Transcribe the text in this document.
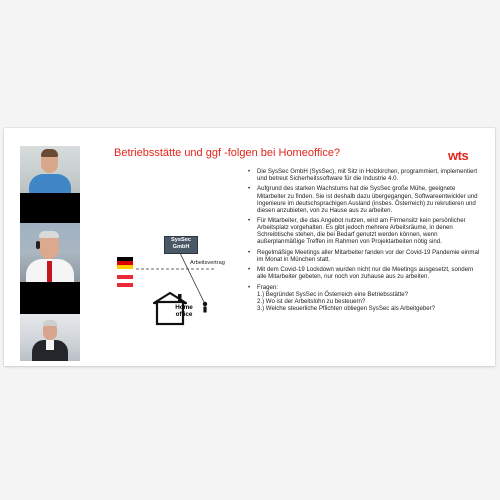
Betriebsstätte und ggf -folgen bei Homeoffice?	wts
• Die SysSec GmbH (SysSec), mit Sitz in Holzkirchen, programmiert, implementiert und betreut Sicherheitssoftware für die Industrie 4.0.
• Aufgrund des starken Wachstums hat die SysSec große Mühe, geeignete Mitarbeiter zu finden. Sie ist deshalb dazu übergegangen, Softwareentwickler und Ingenieure im deutschsprachigen Ausland (insbes. Österreich) zu rekrutieren und diesen anzubieten, von zu Hause aus zu arbeiten.
• Für Mitarbeiter, die das Angebot nutzen, wird am Firmensitz kein persönlicher Arbeitsplatz vorgehalten. Es gibt jedoch mehrere Arbeitsräume, in denen Schreibtische stehen, die bei Bedarf genutzt werden können, wenn außerplanmäßige Treffen im Rahmen von Projektarbeiten nötig sind.
• Regelmäßige Meetings aller Mitarbeiter fanden vor der Covid-19 Pandemie einmal im Monat in München statt.
• Mit dem Covid-19 Lockdown wurden nicht nur die Meetings ausgesetzt, sondern alle Mitarbeiter gebeten, nur noch von zuhause aus zu arbeiten.
• Fragen:
1.) Begründet SysSec in Österreich eine Betriebsstätte?
2.) Wo ist der Arbeitslohn zu besteuern?
3.) Welche steuerliche Pflichten obliegen SysSec als Arbeitgeber?
SysSec GmbH
Arbeitsvertrag
Home office
